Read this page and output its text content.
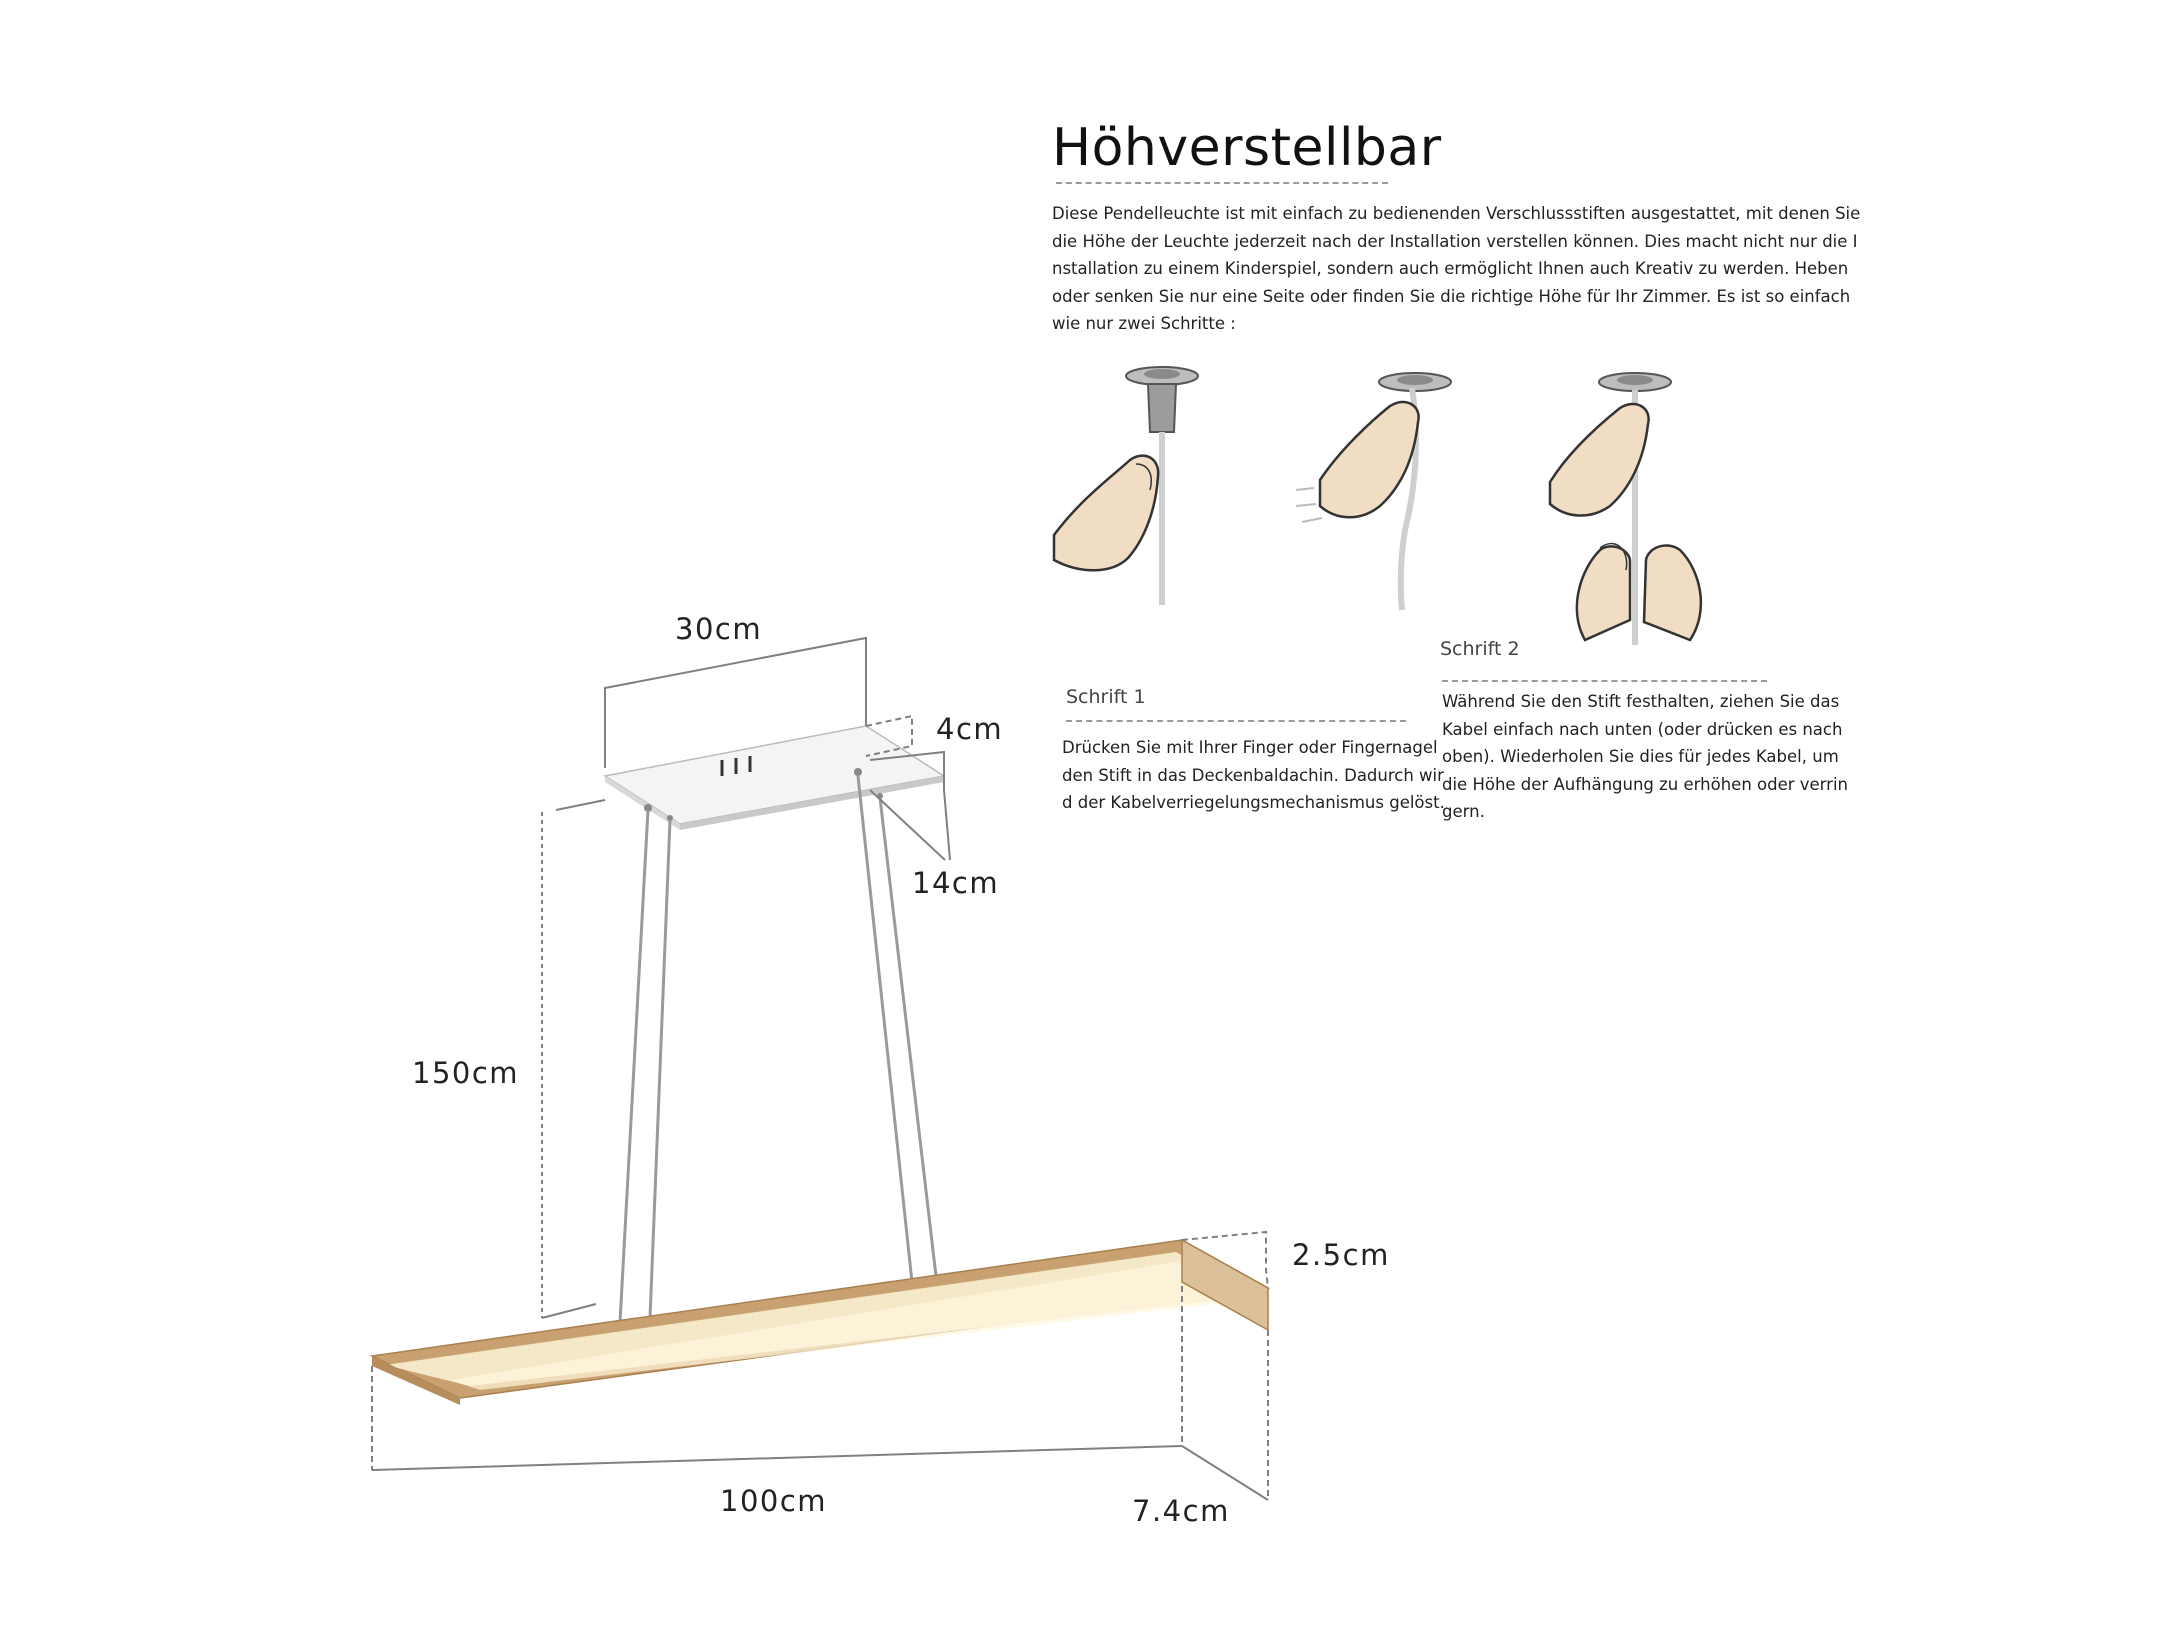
Höhverstellbar
Diese Pendelleuchte ist mit einfach zu bedienenden Verschlussstiften ausgestattet, mit denen Sie
die Höhe der Leuchte jederzeit nach der Installation verstellen können. Dies macht nicht nur die I
nstallation zu einem Kinderspiel, sondern auch ermöglicht Ihnen auch Kreativ zu werden. Heben
oder senken Sie nur eine Seite oder finden Sie die richtige Höhe für Ihr Zimmer. Es ist so einfach
wie nur zwei Schritte :
Schrift 1
Drücken Sie mit Ihrer Finger oder Fingernagel
den Stift in das Deckenbaldachin. Dadurch wir
d der Kabelverriegelungsmechanismus gelöst.
Schrift 2
Während Sie den Stift festhalten, ziehen Sie das
Kabel einfach nach unten (oder drücken es nach
oben). Wiederholen Sie dies für jedes Kabel, um
die Höhe der Aufhängung zu erhöhen oder verrin
gern.
30cm
4cm
14cm
150cm
2.5cm
100cm	7.4cm
